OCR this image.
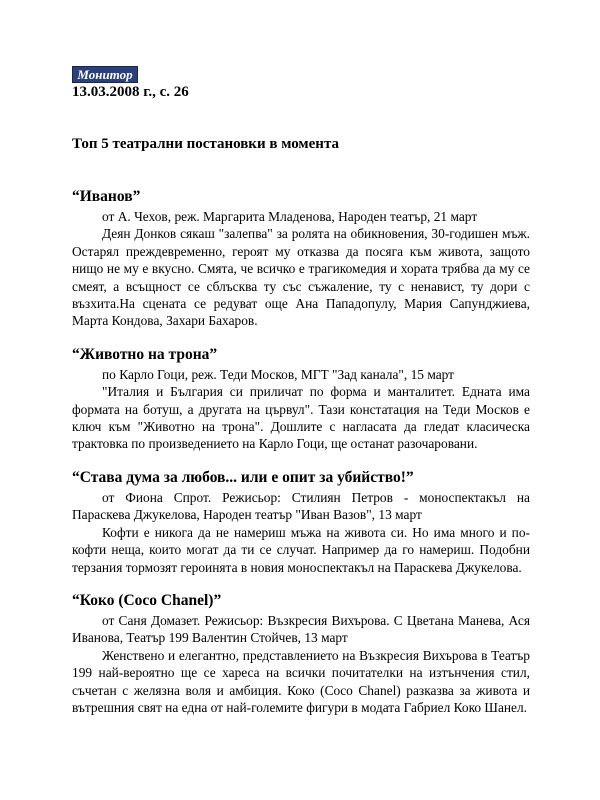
Монитор
13.03.2008 г., с. 26
Топ 5 театрални постановки в момента

“Иванов”

от А. Чехов, реж. Маргарита Младенова, Народен театър, 21 март

Деян Донков сякаш "залепва" за ролята на обикновения, 30-годишен мъж. Остарял преждевременно, героят му отказва да посяга към живота, защото нищо не му е вкусно. Смята, че всичко е трагикомедия и хората трябва да му се смеят, а всъщност се сблъсква ту със съжаление, ту с ненавист, ту дори с възхита.На сцената се редуват още Ана Пападопулу, Мария Сапунджиева, Марта Кондова, Захари Бахаров.

“Животно на трона”

по Карло Гоци, реж. Теди Москов, МГТ "Зад канала", 15 март

"Италия и България си приличат по форма и манталитет. Едната има формата на ботуш, а другата на цървул". Тази констатация на Теди Москов е ключ към "Животно на трона". Дошлите с нагласата да гледат класическа трактовка по произведението на Карло Гоци, ще останат разочаровани.

“Става дума за любов... или е опит за убийство!”

от Фиона Спрот. Режисьор: Стилиян Петров - моноспектакъл на Параскева Джукелова, Народен театър "Иван Вазов", 13 март

Кофти е никога да не намериш мъжа на живота си. Но има много и по-кофти неща, които могат да ти се случат. Например да го намериш. Подобни терзания тормозят героинята в новия моноспектакъл на Параскева Джукелова.

“Коко (Coco Chanel)”

от Саня Домазет. Режисьор: Възкресия Вихърова. С Цветана Манева, Ася Иванова, Театър 199 Валентин Стойчев, 13 март

Женствено и елегантно, представлението на Възкресия Вихърова в Театър 199 най-вероятно ще се хареса на всички почитателки на изтънчения стил, съчетан с желязна воля и амбиция. Коко (Coco Chanel) разказва за живота и вътрешния свят на една от най-големите фигури в модата Габриел Коко Шанел.
